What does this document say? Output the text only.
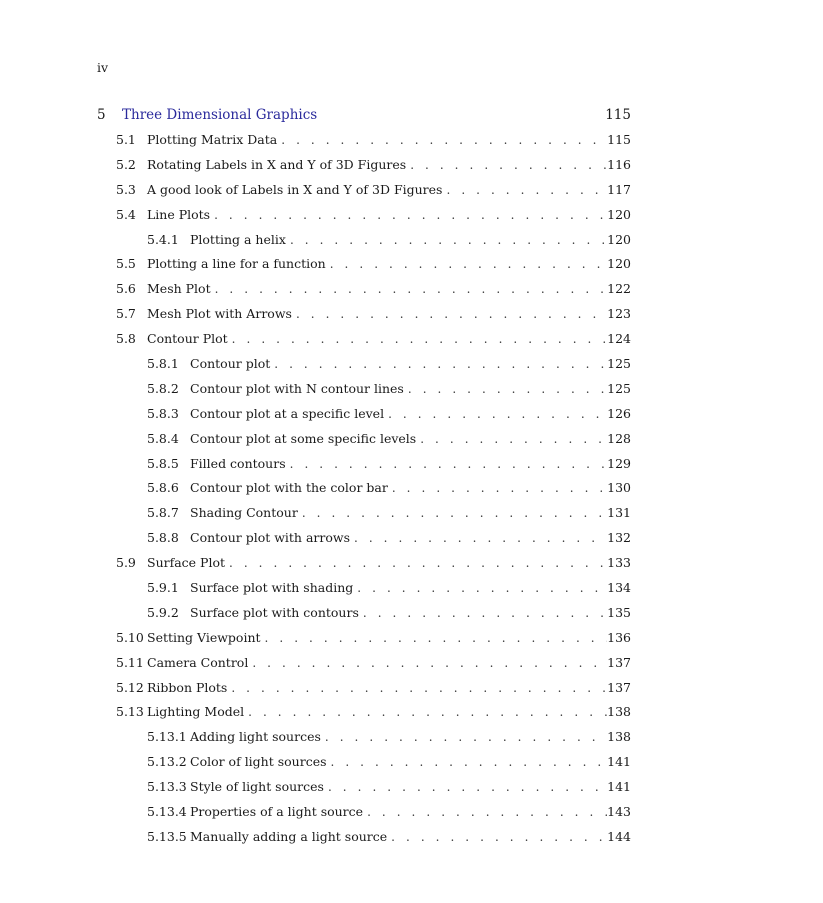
iv
5	Three Dimensional Graphics	115
5.1 Plotting Matrix Data . . .	115
5.2 Rotating Labels in X and Y of 3D Figures . . .	116
5.3 A good look of Labels in X and Y of 3D Figures . . .	117
5.4 Line Plots . . .	120
5.4.1 Plotting a helix . . .	120
5.5 Plotting a line for a function . . .	120
5.6 Mesh Plot . . .	122
5.7 Mesh Plot with Arrows . . .	123
5.8 Contour Plot . . .	124
5.8.1 Contour plot . . .	125
5.8.2 Contour plot with N contour lines . . .	125
5.8.3 Contour plot at a specific level . . .	126
5.8.4 Contour plot at some specific levels . . .	128
5.8.5 Filled contours . . .	129
5.8.6 Contour plot with the color bar . . .	130
5.8.7 Shading Contour . . .	131
5.8.8 Contour plot with arrows . . .	132
5.9 Surface Plot . . .	133
5.9.1 Surface plot with shading . . .	134
5.9.2 Surface plot with contours . . .	135
5.10 Setting Viewpoint . . .	136
5.11 Camera Control . . .	137
5.12 Ribbon Plots . . .	137
5.13 Lighting Model . . .	138
5.13.1 Adding light sources . . .	138
5.13.2 Color of light sources . . .	141
5.13.3 Style of light sources . . .	141
5.13.4 Properties of a light source . . .	143
5.13.5 Manually adding a light source . . .	144
